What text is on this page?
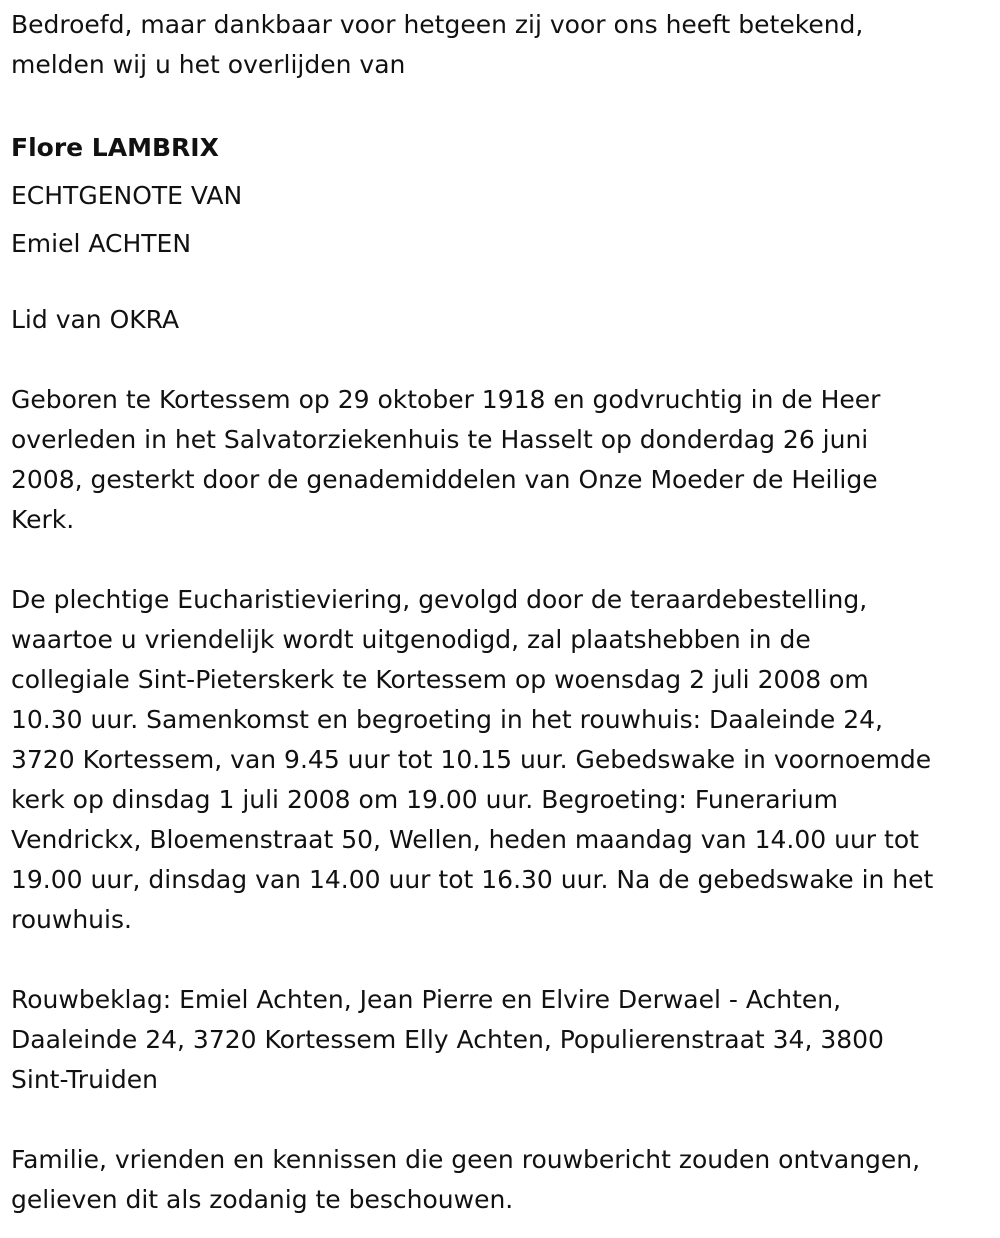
Bedroefd, maar dankbaar voor hetgeen zij voor ons heeft betekend,
melden wij u het overlijden van

Flore LAMBRIX
ECHTGENOTE VAN
Emiel ACHTEN

Lid van OKRA

Geboren te Kortessem op 29 oktober 1918 en godvruchtig in de Heer
overleden in het Salvatorziekenhuis te Hasselt op donderdag 26 juni
2008, gesterkt door de genademiddelen van Onze Moeder de Heilige
Kerk.

De plechtige Eucharistieviering, gevolgd door de teraardebestelling,
waartoe u vriendelijk wordt uitgenodigd, zal plaatshebben in de
collegiale Sint-Pieterskerk te Kortessem op woensdag 2 juli 2008 om
10.30 uur. Samenkomst en begroeting in het rouwhuis: Daaleinde 24,
3720 Kortessem, van 9.45 uur tot 10.15 uur. Gebedswake in voornoemde
kerk op dinsdag 1 juli 2008 om 19.00 uur. Begroeting: Funerarium
Vendrickx, Bloemenstraat 50, Wellen, heden maandag van 14.00 uur tot
19.00 uur, dinsdag van 14.00 uur tot 16.30 uur. Na de gebedswake in het
rouwhuis.

Rouwbeklag: Emiel Achten, Jean Pierre en Elvire Derwael - Achten,
Daaleinde 24, 3720 Kortessem Elly Achten, Populierenstraat 34, 3800
Sint-Truiden

Familie, vrienden en kennissen die geen rouwbericht zouden ontvangen,
gelieven dit als zodanig te beschouwen.
